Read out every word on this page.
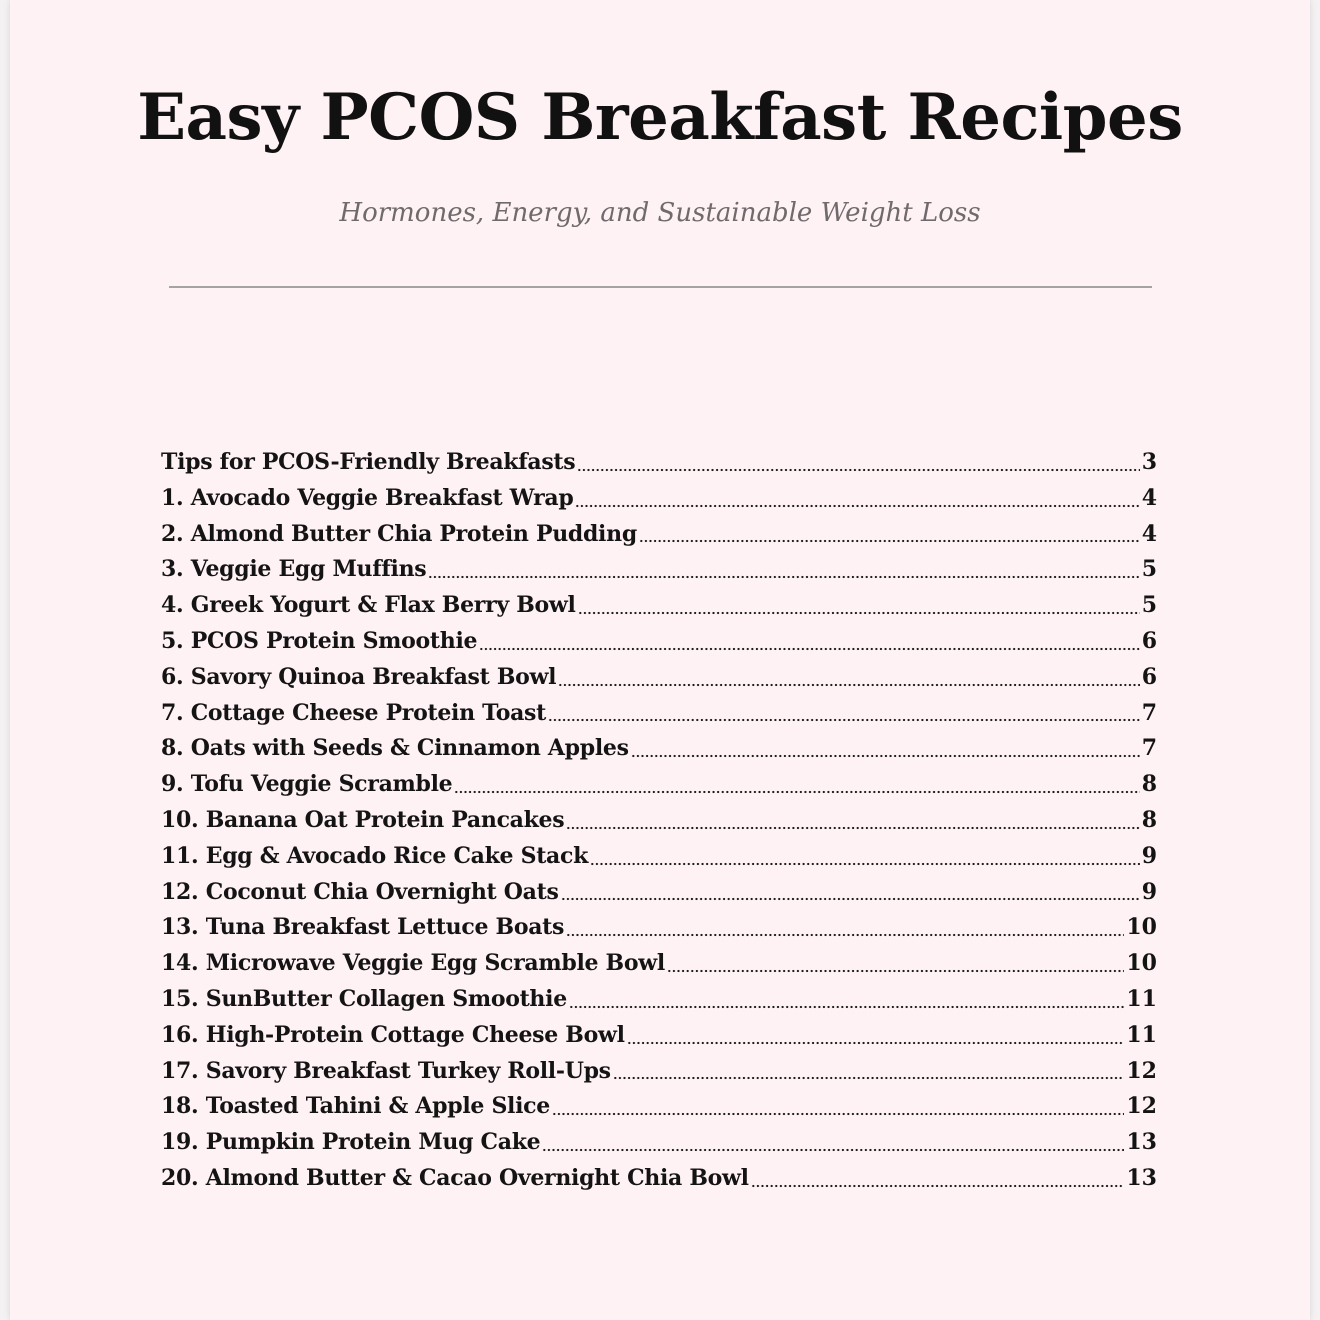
Easy PCOS Breakfast Recipes

Hormones, Energy, and Sustainable Weight Loss

Tips for PCOS-Friendly Breakfasts	3
1. Avocado Veggie Breakfast Wrap	4
2. Almond Butter Chia Protein Pudding	4
3. Veggie Egg Muffins	5
4. Greek Yogurt & Flax Berry Bowl	5
5. PCOS Protein Smoothie	6
6. Savory Quinoa Breakfast Bowl	6
7. Cottage Cheese Protein Toast	7
8. Oats with Seeds & Cinnamon Apples	7
9. Tofu Veggie Scramble	8
10. Banana Oat Protein Pancakes	8
11. Egg & Avocado Rice Cake Stack	9
12. Coconut Chia Overnight Oats	9
13. Tuna Breakfast Lettuce Boats	10
14. Microwave Veggie Egg Scramble Bowl	10
15. SunButter Collagen Smoothie	11
16. High-Protein Cottage Cheese Bowl	11
17. Savory Breakfast Turkey Roll-Ups	12
18. Toasted Tahini & Apple Slice	12
19. Pumpkin Protein Mug Cake	13
20. Almond Butter & Cacao Overnight Chia Bowl	13
